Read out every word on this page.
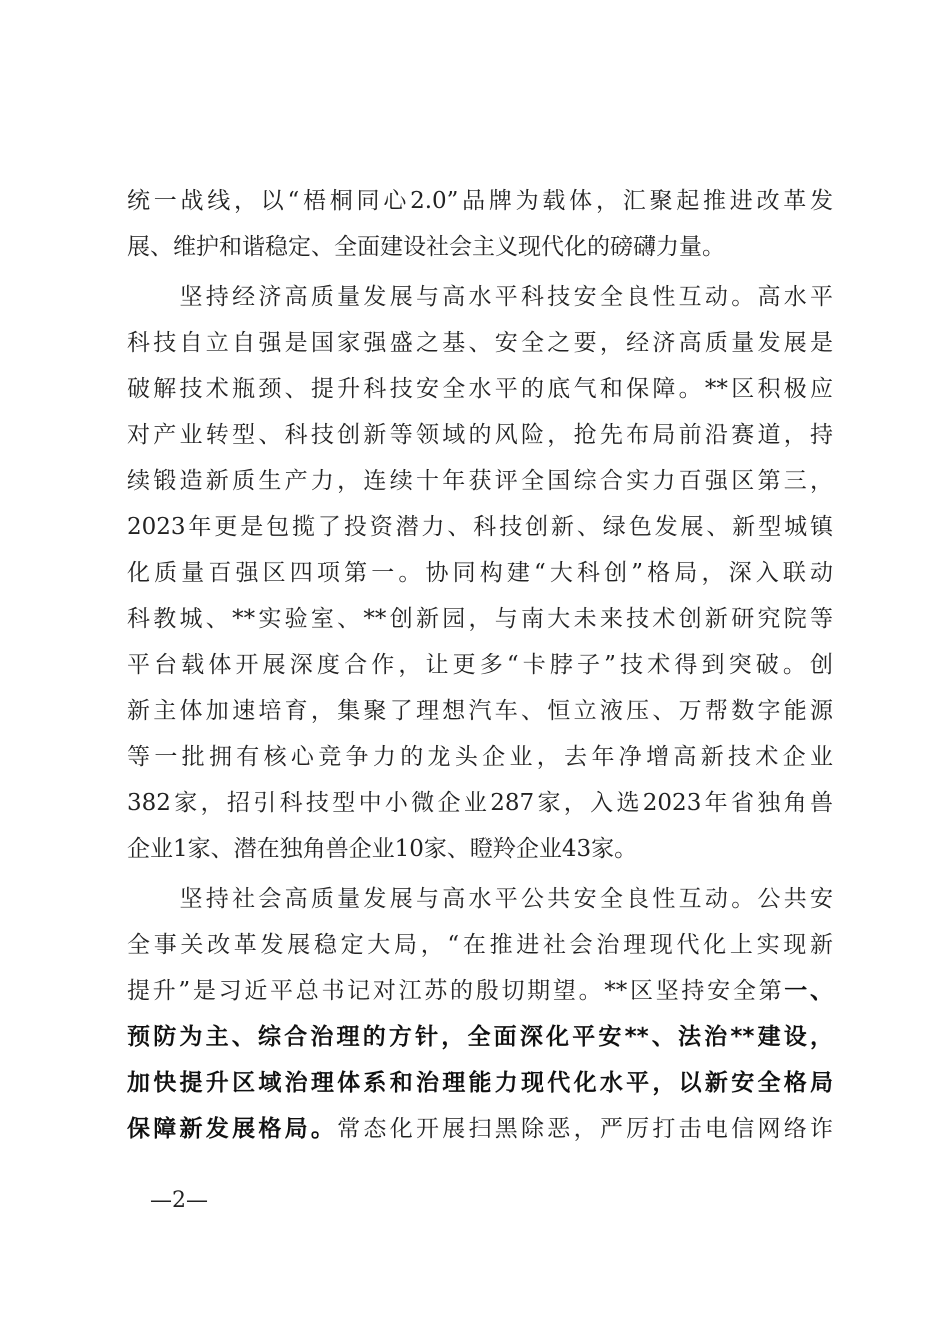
统一战线，以“梧桐同心2.0”品牌为载体，汇聚起推进改革发
展、维护和谐稳定、全面建设社会主义现代化的磅礴力量。
　　坚持经济高质量发展与高水平科技安全良性互动。高水平
科技自立自强是国家强盛之基、安全之要，经济高质量发展是
破解技术瓶颈、提升科技安全水平的底气和保障。**区积极应
对产业转型、科技创新等领域的风险，抢先布局前沿赛道，持
续锻造新质生产力，连续十年获评全国综合实力百强区第三，
2023年更是包揽了投资潜力、科技创新、绿色发展、新型城镇
化质量百强区四项第一。协同构建“大科创”格局，深入联动
科教城、**实验室、**创新园，与南大未来技术创新研究院等
平台载体开展深度合作，让更多“卡脖子”技术得到突破。创
新主体加速培育，集聚了理想汽车、恒立液压、万帮数字能源
等一批拥有核心竞争力的龙头企业，去年净增高新技术企业
382家，招引科技型中小微企业287家，入选2023年省独角兽
企业1家、潜在独角兽企业10家、瞪羚企业43家。
　　坚持社会高质量发展与高水平公共安全良性互动。公共安
全事关改革发展稳定大局，“在推进社会治理现代化上实现新
提升”是习近平总书记对江苏的殷切期望。**区坚持安全第一、
预防为主、综合治理的方针，全面深化平安**、法治**建设，
加快提升区域治理体系和治理能力现代化水平，以新安全格局
保障新发展格局。常态化开展扫黑除恶，严厉打击电信网络诈
—2—
